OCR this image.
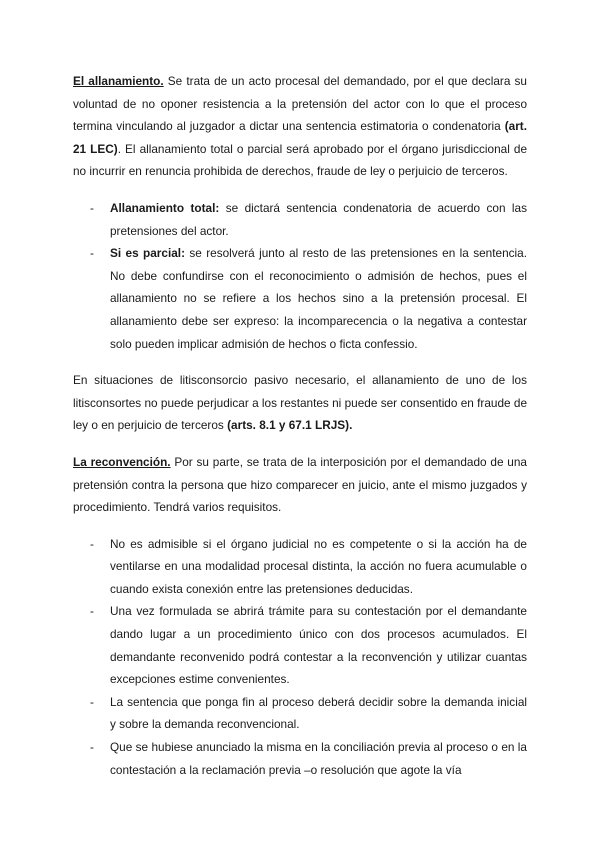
El allanamiento. Se trata de un acto procesal del demandado, por el que declara su voluntad de no oponer resistencia a la pretensión del actor con lo que el proceso termina vinculando al juzgador a dictar una sentencia estimatoria o condenatoria (art. 21 LEC). El allanamiento total o parcial será aprobado por el órgano jurisdiccional de no incurrir en renuncia prohibida de derechos, fraude de ley o perjuicio de terceros.

- Allanamiento total: se dictará sentencia condenatoria de acuerdo con las pretensiones del actor.
- Si es parcial: se resolverá junto al resto de las pretensiones en la sentencia. No debe confundirse con el reconocimiento o admisión de hechos, pues el allanamiento no se refiere a los hechos sino a la pretensión procesal. El allanamiento debe ser expreso: la incomparecencia o la negativa a contestar solo pueden implicar admisión de hechos o ficta confessio.

En situaciones de litisconsorcio pasivo necesario, el allanamiento de uno de los litisconsortes no puede perjudicar a los restantes ni puede ser consentido en fraude de ley o en perjuicio de terceros (arts. 8.1 y 67.1 LRJS).

La reconvención. Por su parte, se trata de la interposición por el demandado de una pretensión contra la persona que hizo comparecer en juicio, ante el mismo juzgados y procedimiento. Tendrá varios requisitos.

- No es admisible si el órgano judicial no es competente o si la acción ha de ventilarse en una modalidad procesal distinta, la acción no fuera acumulable o cuando exista conexión entre las pretensiones deducidas.
- Una vez formulada se abrirá trámite para su contestación por el demandante dando lugar a un procedimiento único con dos procesos acumulados. El demandante reconvenido podrá contestar a la reconvención y utilizar cuantas excepciones estime convenientes.
- La sentencia que ponga fin al proceso deberá decidir sobre la demanda inicial y sobre la demanda reconvencional.
- Que se hubiese anunciado la misma en la conciliación previa al proceso o en la contestación a la reclamación previa –o resolución que agote la vía
